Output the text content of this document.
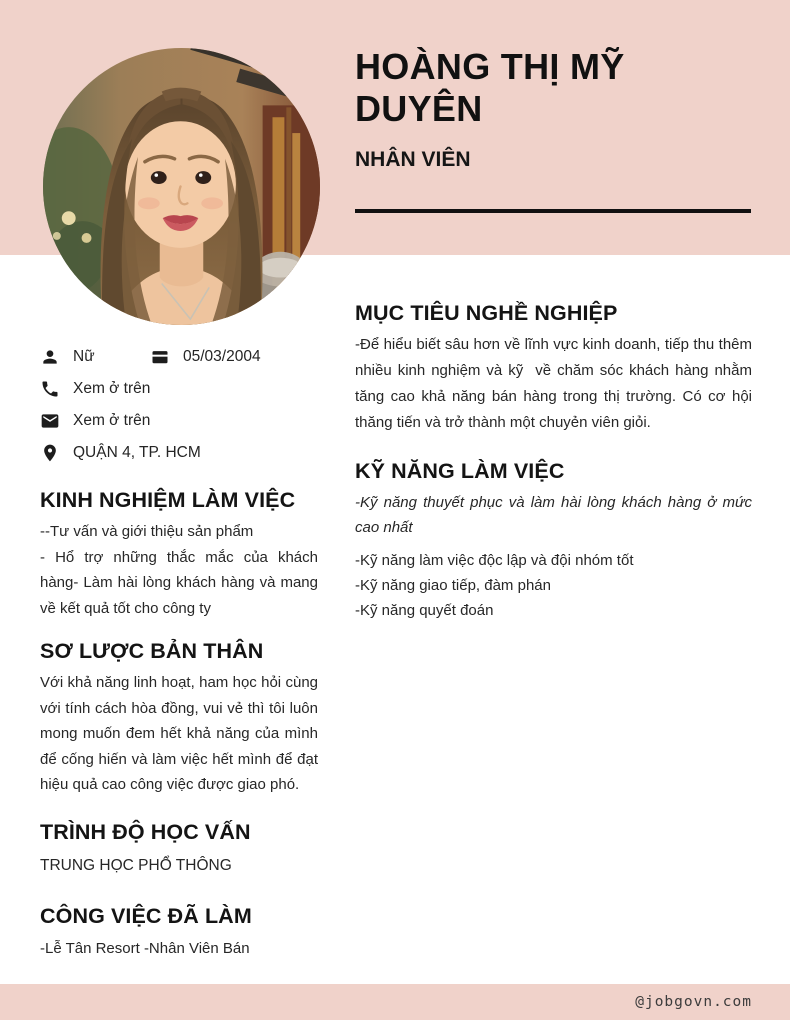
HOÀNG THỊ MỸ DUYÊN
NHÂN VIÊN
Nữ	05/03/2004
Xem ở trên
Xem ở trên
QUẬN 4, TP. HCM
KINH NGHIỆM LÀM VIỆC

--Tư vấn và giới thiệu sản phẩm

- Hổ trợ những thắc mắc của khách hàng- Làm hài lòng khách hàng và mang về kết quả tốt cho công ty

SƠ LƯỢC BẢN THÂN

Với khả năng linh hoạt, ham học hỏi cùng với tính cách hòa đồng, vui vẻ thì tôi luôn mong muốn đem hết khả năng của mình để cống hiến và làm việc hết mình để đạt hiệu quả cao công việc được giao phó.

TRÌNH ĐỘ HỌC VẤN

TRUNG HỌC PHỔ THÔNG

CÔNG VIỆC ĐÃ LÀM

-Lễ Tân Resort -Nhân Viên Bán

MỤC TIÊU NGHỀ NGHIỆP

-Để hiểu biết sâu hơn về lĩnh vực kinh doanh, tiếp thu thêm nhiều kinh nghiệm và kỹ  về chăm sóc khách hàng nhằm tăng cao khả năng bán hàng trong thị trường. Có cơ hội thăng tiến và trở thành một chuyẻn viên giỏi.

KỸ NĂNG LÀM VIỆC

-Kỹ năng thuyết phục và làm hài lòng khách hàng ở mức cao nhất

-Kỹ năng làm việc độc lập và đội nhóm tốt

-Kỹ năng giao tiếp, đàm phán

-Kỹ năng quyết đoán

@jobgovn.com
